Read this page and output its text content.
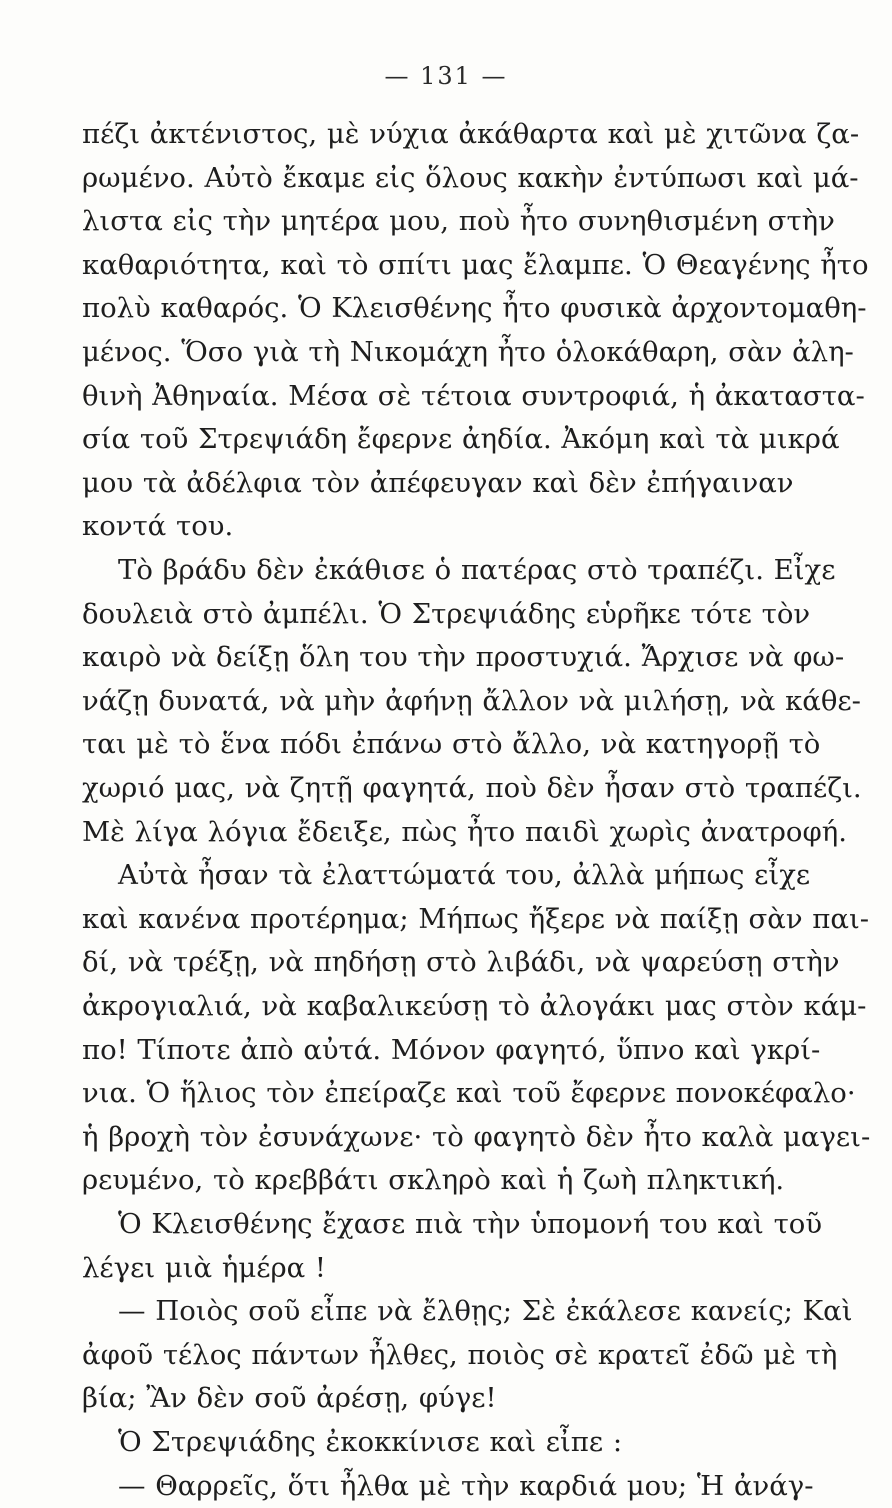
— 131 —
πέζι ἀκτένιστος, μὲ νύχια ἀκάθαρτα καὶ μὲ χιτῶνα ζα-
ρωμένο. Αὐτὸ ἔκαμε εἰς ὅλους κακὴν ἐντύπωσι καὶ μά-
λιστα εἰς τὴν μητέρα μου, ποὺ ἦτο συνηθισμένη στὴν
καθαριότητα, καὶ τὸ σπίτι μας ἔλαμπε. Ὁ Θεαγένης ἦτο
πολὺ καθαρός. Ὁ Κλεισθένης ἦτο φυσικὰ ἀρχοντομαθη-
μένος. Ὅσο γιὰ τὴ Νικομάχη ἦτο ὁλοκάθαρη, σὰν ἀλη-
θινὴ Ἀθηναία. Μέσα σὲ τέτοια συντροφιά, ἡ ἀκαταστα-
σία τοῦ Στρεψιάδη ἔφερνε ἀηδία. Ἀκόμη καὶ τὰ μικρά
μου τὰ ἀδέλφια τὸν ἀπέφευγαν καὶ δὲν ἐπήγαιναν
κοντά του.
Τὸ βράδυ δὲν ἐκάθισε ὁ πατέρας στὸ τραπέζι. Εἶχε
δουλειὰ στὸ ἀμπέλι. Ὁ Στρεψιάδης εὑρῆκε τότε τὸν
καιρὸ νὰ δείξῃ ὅλη του τὴν προστυχιά. Ἄρχισε νὰ φω-
νάζῃ δυνατά, νὰ μὴν ἀφήνῃ ἄλλον νὰ μιλήσῃ, νὰ κάθε-
ται μὲ τὸ ἕνα πόδι ἐπάνω στὸ ἄλλο, νὰ κατηγορῇ τὸ
χωριό μας, νὰ ζητῇ φαγητά, ποὺ δὲν ἦσαν στὸ τραπέζι.
Μὲ λίγα λόγια ἔδειξε, πὼς ἦτο παιδὶ χωρὶς ἀνατροφή.
Αὐτὰ ἦσαν τὰ ἐλαττώματά του, ἀλλὰ μήπως εἶχε
καὶ κανένα προτέρημα; Μήπως ἤξερε νὰ παίξῃ σὰν παι-
δί, νὰ τρέξῃ, νὰ πηδήσῃ στὸ λιβάδι, νὰ ψαρεύσῃ στὴν
ἀκρογιαλιά, νὰ καβαλικεύσῃ τὸ ἀλογάκι μας στὸν κάμ-
πο! Τίποτε ἀπὸ αὐτά. Μόνον φαγητό, ὕπνο καὶ γκρί-
νια. Ὁ ἥλιος τὸν ἐπείραζε καὶ τοῦ ἔφερνε πονοκέφαλο·
ἡ βροχὴ τὸν ἐσυνάχωνε· τὸ φαγητὸ δὲν ἦτο καλὰ μαγει-
ρευμένο, τὸ κρεββάτι σκληρὸ καὶ ἡ ζωὴ πληκτική.
Ὁ Κλεισθένης ἔχασε πιὰ τὴν ὑπομονή του καὶ τοῦ
λέγει μιὰ ἡμέρα !
— Ποιὸς σοῦ εἶπε νὰ ἔλθῃς; Σὲ ἐκάλεσε κανείς; Καὶ
ἀφοῦ τέλος πάντων ἦλθες, ποιὸς σὲ κρατεῖ ἐδῶ μὲ τὴ
βία; Ἂν δὲν σοῦ ἀρέσῃ, φύγε!
Ὁ Στρεψιάδης ἐκοκκίνισε καὶ εἶπε :
— Θαρρεῖς, ὅτι ἦλθα μὲ τὴν καρδιά μου; Ἡ ἀνάγ-
